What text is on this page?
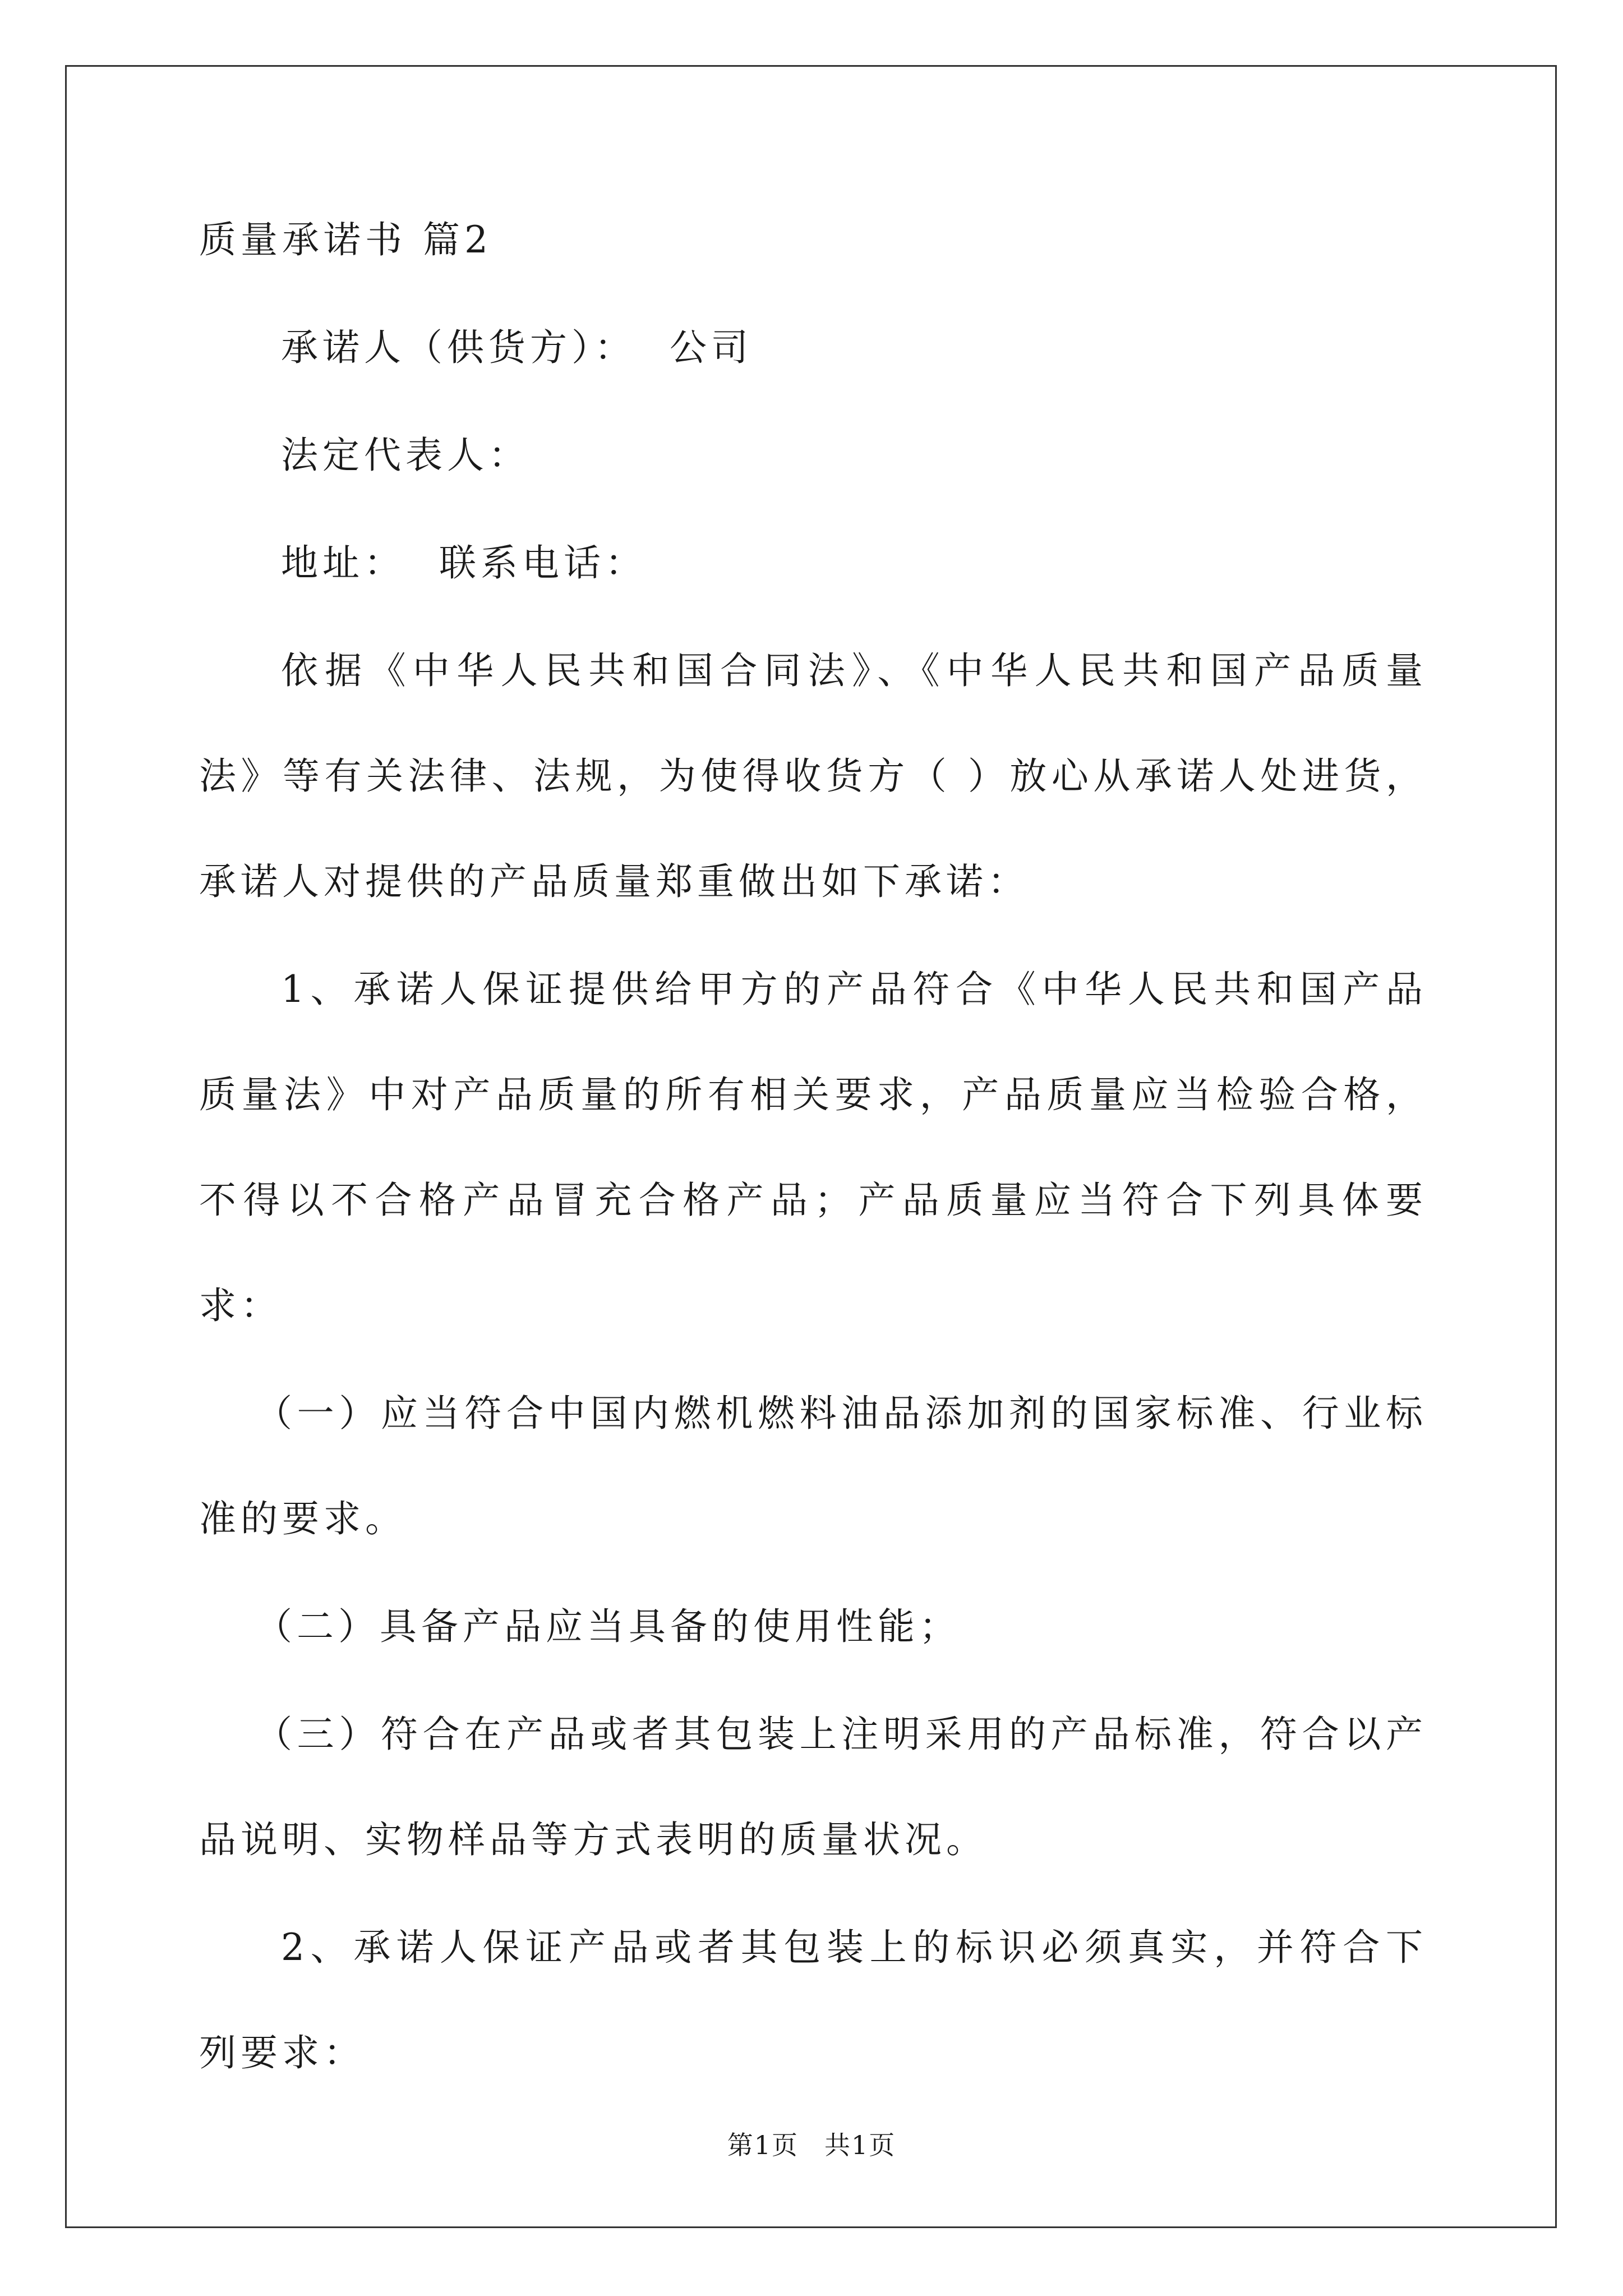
质量承诺书 篇2

承诺人（供货方）： 公司

法定代表人：

地址： 联系电话：

依据《中华人民共和国合同法》、《中华人民共和国产品质量法》等有关法律、法规，为使得收货方（ ）放心从承诺人处进货，承诺人对提供的产品质量郑重做出如下承诺：

1、承诺人保证提供给甲方的产品符合《中华人民共和国产品质量法》中对产品质量的所有相关要求，产品质量应当检验合格，不得以不合格产品冒充合格产品；产品质量应当符合下列具体要求：

（一）应当符合中国内燃机燃料油品添加剂的国家标准、行业标准的要求。

（二）具备产品应当具备的使用性能；

（三）符合在产品或者其包装上注明采用的产品标准，符合以产品说明、实物样品等方式表明的质量状况。

2、承诺人保证产品或者其包装上的标识必须真实，并符合下列要求：

第1页 共1页
